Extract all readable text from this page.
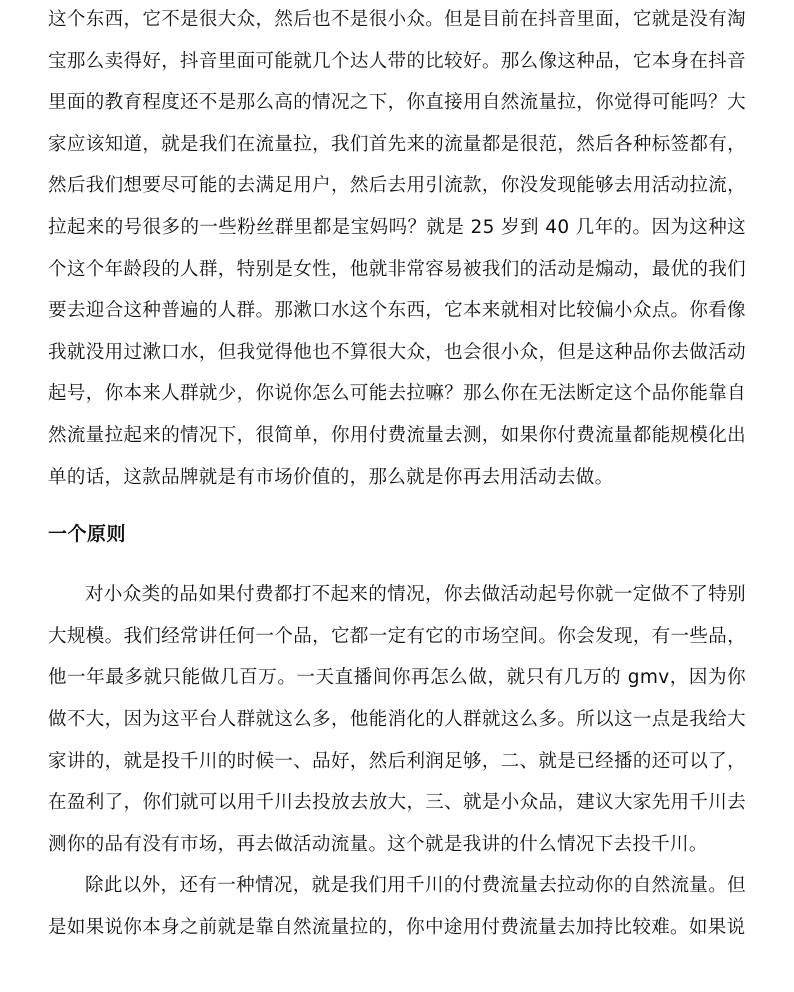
这个东西，它不是很大众，然后也不是很小众。但是目前在抖音里面，它就是没有淘宝那么卖得好，抖音里面可能就几个达人带的比较好。那么像这种品，它本身在抖音里面的教育程度还不是那么高的情况之下，你直接用自然流量拉，你觉得可能吗？大家应该知道，就是我们在流量拉，我们首先来的流量都是很范，然后各种标签都有，然后我们想要尽可能的去满足用户，然后去用引流款，你没发现能够去用活动拉流，拉起来的号很多的一些粉丝群里都是宝妈吗？就是 25 岁到 40 几年的。因为这种这个这个年龄段的人群，特别是女性，他就非常容易被我们的活动是煽动，最优的我们要去迎合这种普遍的人群。那漱口水这个东西，它本来就相对比较偏小众点。你看像我就没用过漱口水，但我觉得他也不算很大众，也会很小众，但是这种品你去做活动起号，你本来人群就少，你说你怎么可能去拉嘛？那么你在无法断定这个品你能靠自然流量拉起来的情况下，很简单，你用付费流量去测，如果你付费流量都能规模化出单的话，这款品牌就是有市场价值的，那么就是你再去用活动去做。

一个原则

对小众类的品如果付费都打不起来的情况，你去做活动起号你就一定做不了特别大规模。我们经常讲任何一个品，它都一定有它的市场空间。你会发现，有一些品，他一年最多就只能做几百万。一天直播间你再怎么做，就只有几万的 gmv，因为你做不大，因为这平台人群就这么多，他能消化的人群就这么多。所以这一点是我给大家讲的，就是投千川的时候一、品好，然后利润足够，二、就是已经播的还可以了，在盈利了，你们就可以用千川去投放去放大，三、就是小众品，建议大家先用千川去测你的品有没有市场，再去做活动流量。这个就是我讲的什么情况下去投千川。

除此以外，还有一种情况，就是我们用千川的付费流量去拉动你的自然流量。但是如果说你本身之前就是靠自然流量拉的，你中途用付费流量去加持比较难。如果说
